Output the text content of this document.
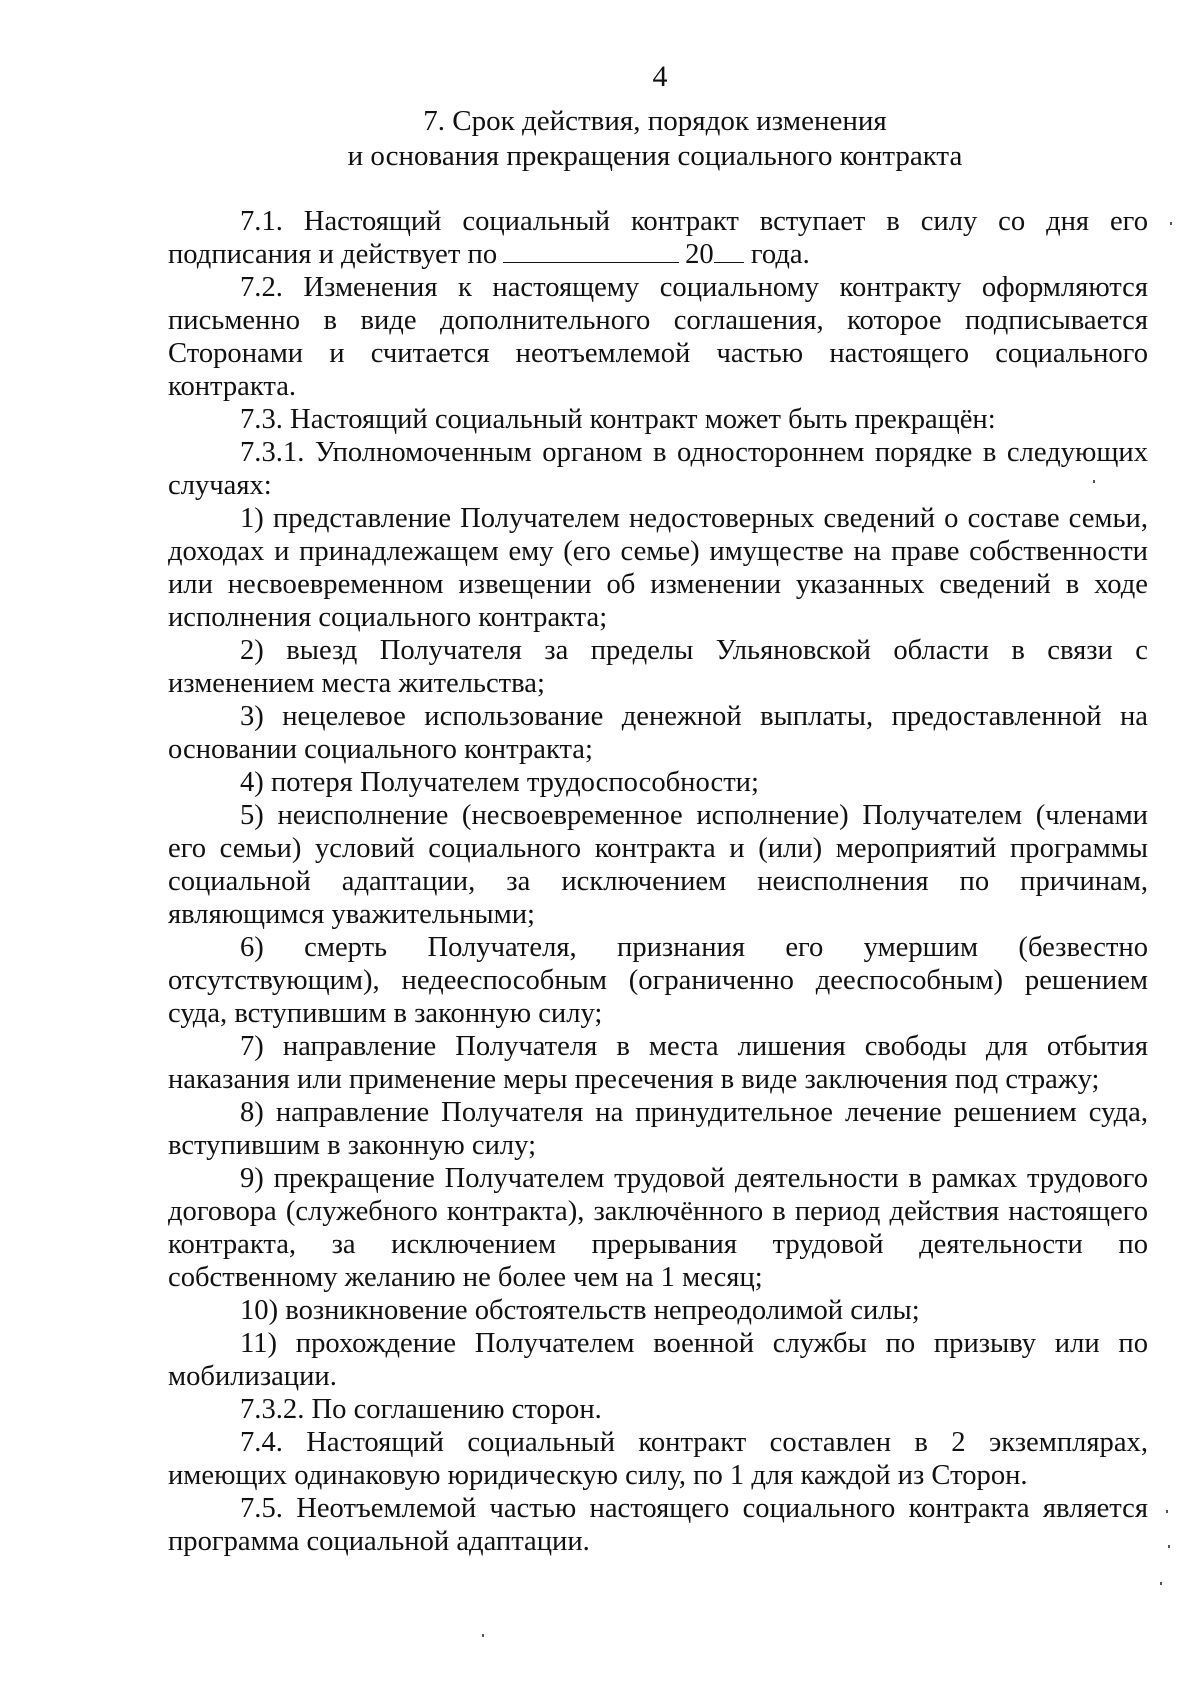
4
7. Срок действия, порядок изменения
и основания прекращения социального контракта

7.1. Настоящий социальный контракт вступает в силу со дня его подписания и действует по	20 года.

7.2. Изменения к настоящему социальному контракту оформляются письменно в виде дополнительного соглашения, которое подписывается Сторонами и считается неотъемлемой частью настоящего социального контракта.

7.3. Настоящий социальный контракт может быть прекращён:

7.3.1. Уполномоченным органом в одностороннем порядке в следующих случаях:

1) представление Получателем недостоверных сведений о составе семьи, доходах и принадлежащем ему (его семье) имуществе на праве собственности или несвоевременном извещении об изменении указанных сведений в ходе исполнения социального контракта;

2) выезд Получателя за пределы Ульяновской области в связи с изменением места жительства;

3) нецелевое использование денежной выплаты, предоставленной на основании социального контракта;

4) потеря Получателем трудоспособности;

5) неисполнение (несвоевременное исполнение) Получателем (членами его семьи) условий социального контракта и (или) мероприятий программы социальной адаптации, за исключением неисполнения по причинам, являющимся уважительными;

6) смерть Получателя, признания его умершим (безвестно отсутствующим), недееспособным (ограниченно дееспособным) решением суда, вступившим в законную силу;

7) направление Получателя в места лишения свободы для отбытия наказания или применение меры пресечения в виде заключения под стражу;

8) направление Получателя на принудительное лечение решением суда, вступившим в законную силу;

9) прекращение Получателем трудовой деятельности в рамках трудового договора (служебного контракта), заключённого в период действия настоящего контракта, за исключением прерывания трудовой деятельности по собственному желанию не более чем на 1 месяц;

10) возникновение обстоятельств непреодолимой силы;

11) прохождение Получателем военной службы по призыву или по мобилизации.

7.3.2. По соглашению сторон.

7.4. Настоящий социальный контракт составлен в 2 экземплярах, имеющих одинаковую юридическую силу, по 1 для каждой из Сторон.

7.5. Неотъемлемой частью настоящего социального контракта является программа социальной адаптации.
